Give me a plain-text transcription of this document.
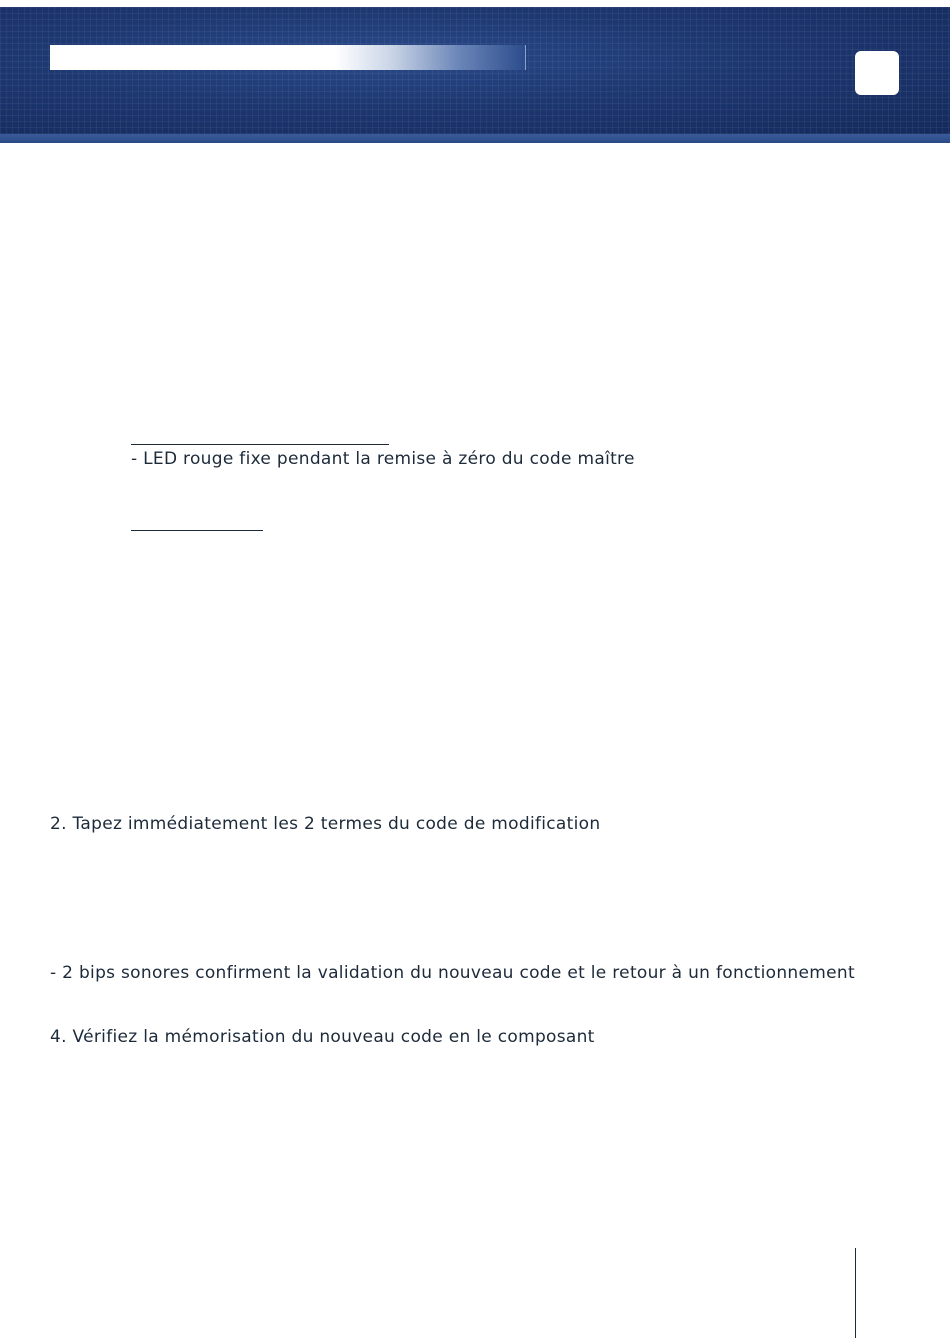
- LED rouge fixe pendant la remise à zéro du code maître
2. Tapez immédiatement les 2 termes du code de modification
- 2 bips sonores confirment la validation du nouveau code et le retour à un fonctionnement
4. Vérifiez la mémorisation du nouveau code en le composant
